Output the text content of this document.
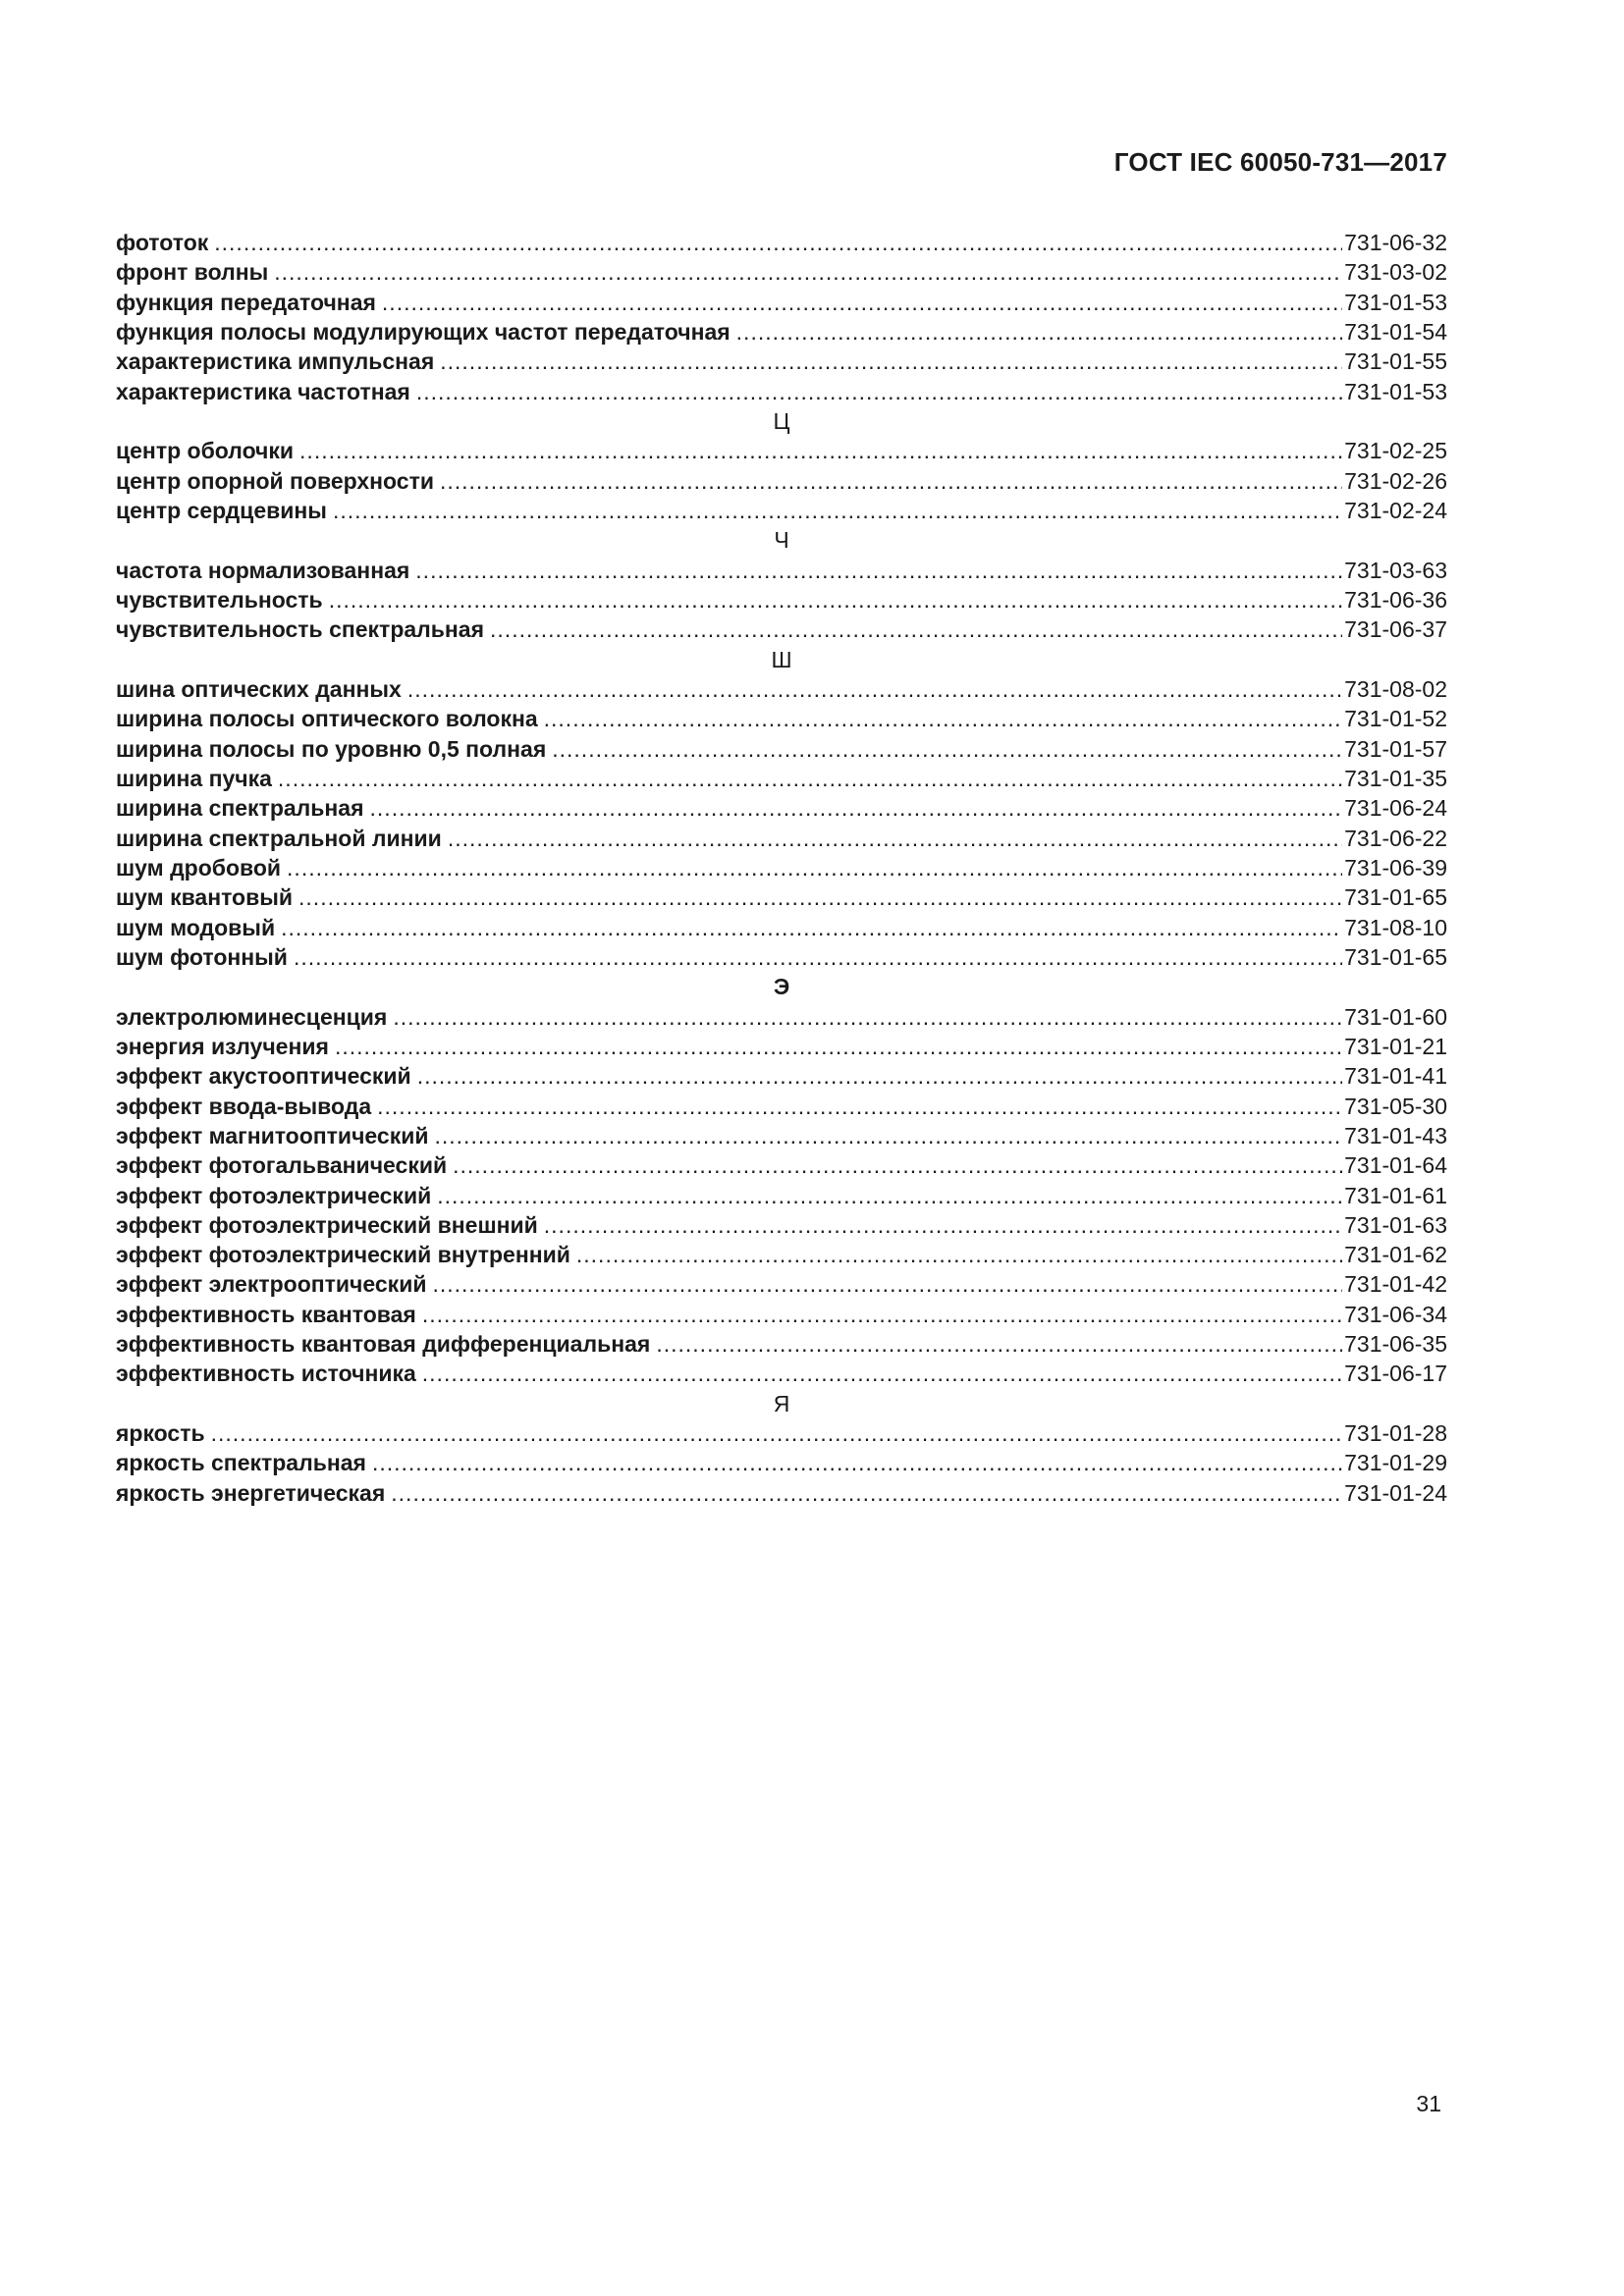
ГОСТ IEC 60050-731—2017
фототок .....	731-06-32
фронт волны .....	731-03-02
функция передаточная .....	731-01-53
функция полосы модулирующих частот передаточная .....	731-01-54
характеристика импульсная .....	731-01-55
характеристика частотная .....	731-01-53
Ц
центр оболочки .....	731-02-25
центр опорной поверхности .....	731-02-26
центр сердцевины .....	731-02-24
Ч
частота нормализованная .....	731-03-63
чувствительность .....	731-06-36
чувствительность спектральная .....	731-06-37
Ш
шина оптических данных .....	731-08-02
ширина полосы оптического волокна .....	731-01-52
ширина полосы по уровню 0,5 полная .....	731-01-57
ширина пучка .....	731-01-35
ширина спектральная .....	731-06-24
ширина спектральной линии .....	731-06-22
шум дробовой .....	731-06-39
шум квантовый .....	731-01-65
шум модовый .....	731-08-10
шум фотонный .....	731-01-65
Э
электролюминесценция .....	731-01-60
энергия излучения .....	731-01-21
эффект акустооптический .....	731-01-41
эффект ввода-вывода .....	731-05-30
эффект магнитооптический .....	731-01-43
эффект фотогальванический .....	731-01-64
эффект фотоэлектрический .....	731-01-61
эффект фотоэлектрический внешний .....	731-01-63
эффект фотоэлектрический внутренний .....	731-01-62
эффект электрооптический .....	731-01-42
эффективность квантовая .....	731-06-34
эффективность квантовая дифференциальная .....	731-06-35
эффективность источника .....	731-06-17
Я
яркость .....	731-01-28
яркость спектральная .....	731-01-29
яркость энергетическая .....	731-01-24
31
